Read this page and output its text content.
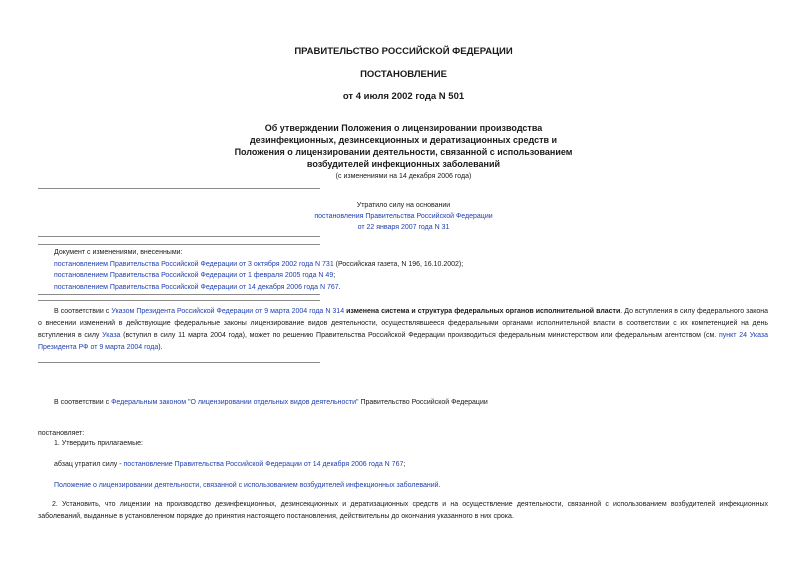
ПРАВИТЕЛЬСТВО РОССИЙСКОЙ ФЕДЕРАЦИИ
ПОСТАНОВЛЕНИЕ
от 4 июля 2002 года N 501
Об утверждении Положения о лицензировании производства
дезинфекционных, дезинсекционных и дератизационных средств и
Положения о лицензировании деятельности, связанной с использованием
возбудителей инфекционных заболеваний
(с изменениями на 14 декабря 2006 года)
Утратило силу на основании
постановления Правительства Российской Федерации
от 22 января 2007 года N 31
Документ с изменениями, внесенными:
постановлением Правительства Российской Федерации от 3 октября 2002 года N 731 (Российская газета, N 196, 16.10.2002);
постановлением Правительства Российской Федерации от 1 февраля 2005 года N 49;
постановлением Правительства Российской Федерации от 14 декабря 2006 года N 767.
В соответствии с Указом Президента Российской Федерации от 9 марта 2004 года N 314 изменена система и структура федеральных органов исполнительной власти. До вступления в силу федерального закона о внесении изменений в действующие федеральные законы лицензирование видов деятельности, осуществлявшееся федеральными органами исполнительной власти в соответствии с их компетенцией на день вступления в силу Указа (вступил в силу 11 марта 2004 года), может по решению Правительства Российской Федерации производиться федеральным министерством или федеральным агентством (см. пункт 24 Указа Президента РФ от 9 марта 2004 года).
В соответствии с Федеральным законом "О лицензировании отдельных видов деятельности" Правительство Российской Федерации
постановляет:
1. Утвердить прилагаемые:
абзац утратил силу - постановление Правительства Российской Федерации от 14 декабря 2006 года N 767;
Положение о лицензировании деятельности, связанной с использованием возбудителей инфекционных заболеваний.
2. Установить, что лицензии на производство дезинфекционных, дезинсекционных и дератизационных средств и на осуществление деятельности, связанной с использованием возбудителей инфекционных заболеваний, выданные в установленном порядке до принятия настоящего постановления, действительны до окончания указанного в них срока.
